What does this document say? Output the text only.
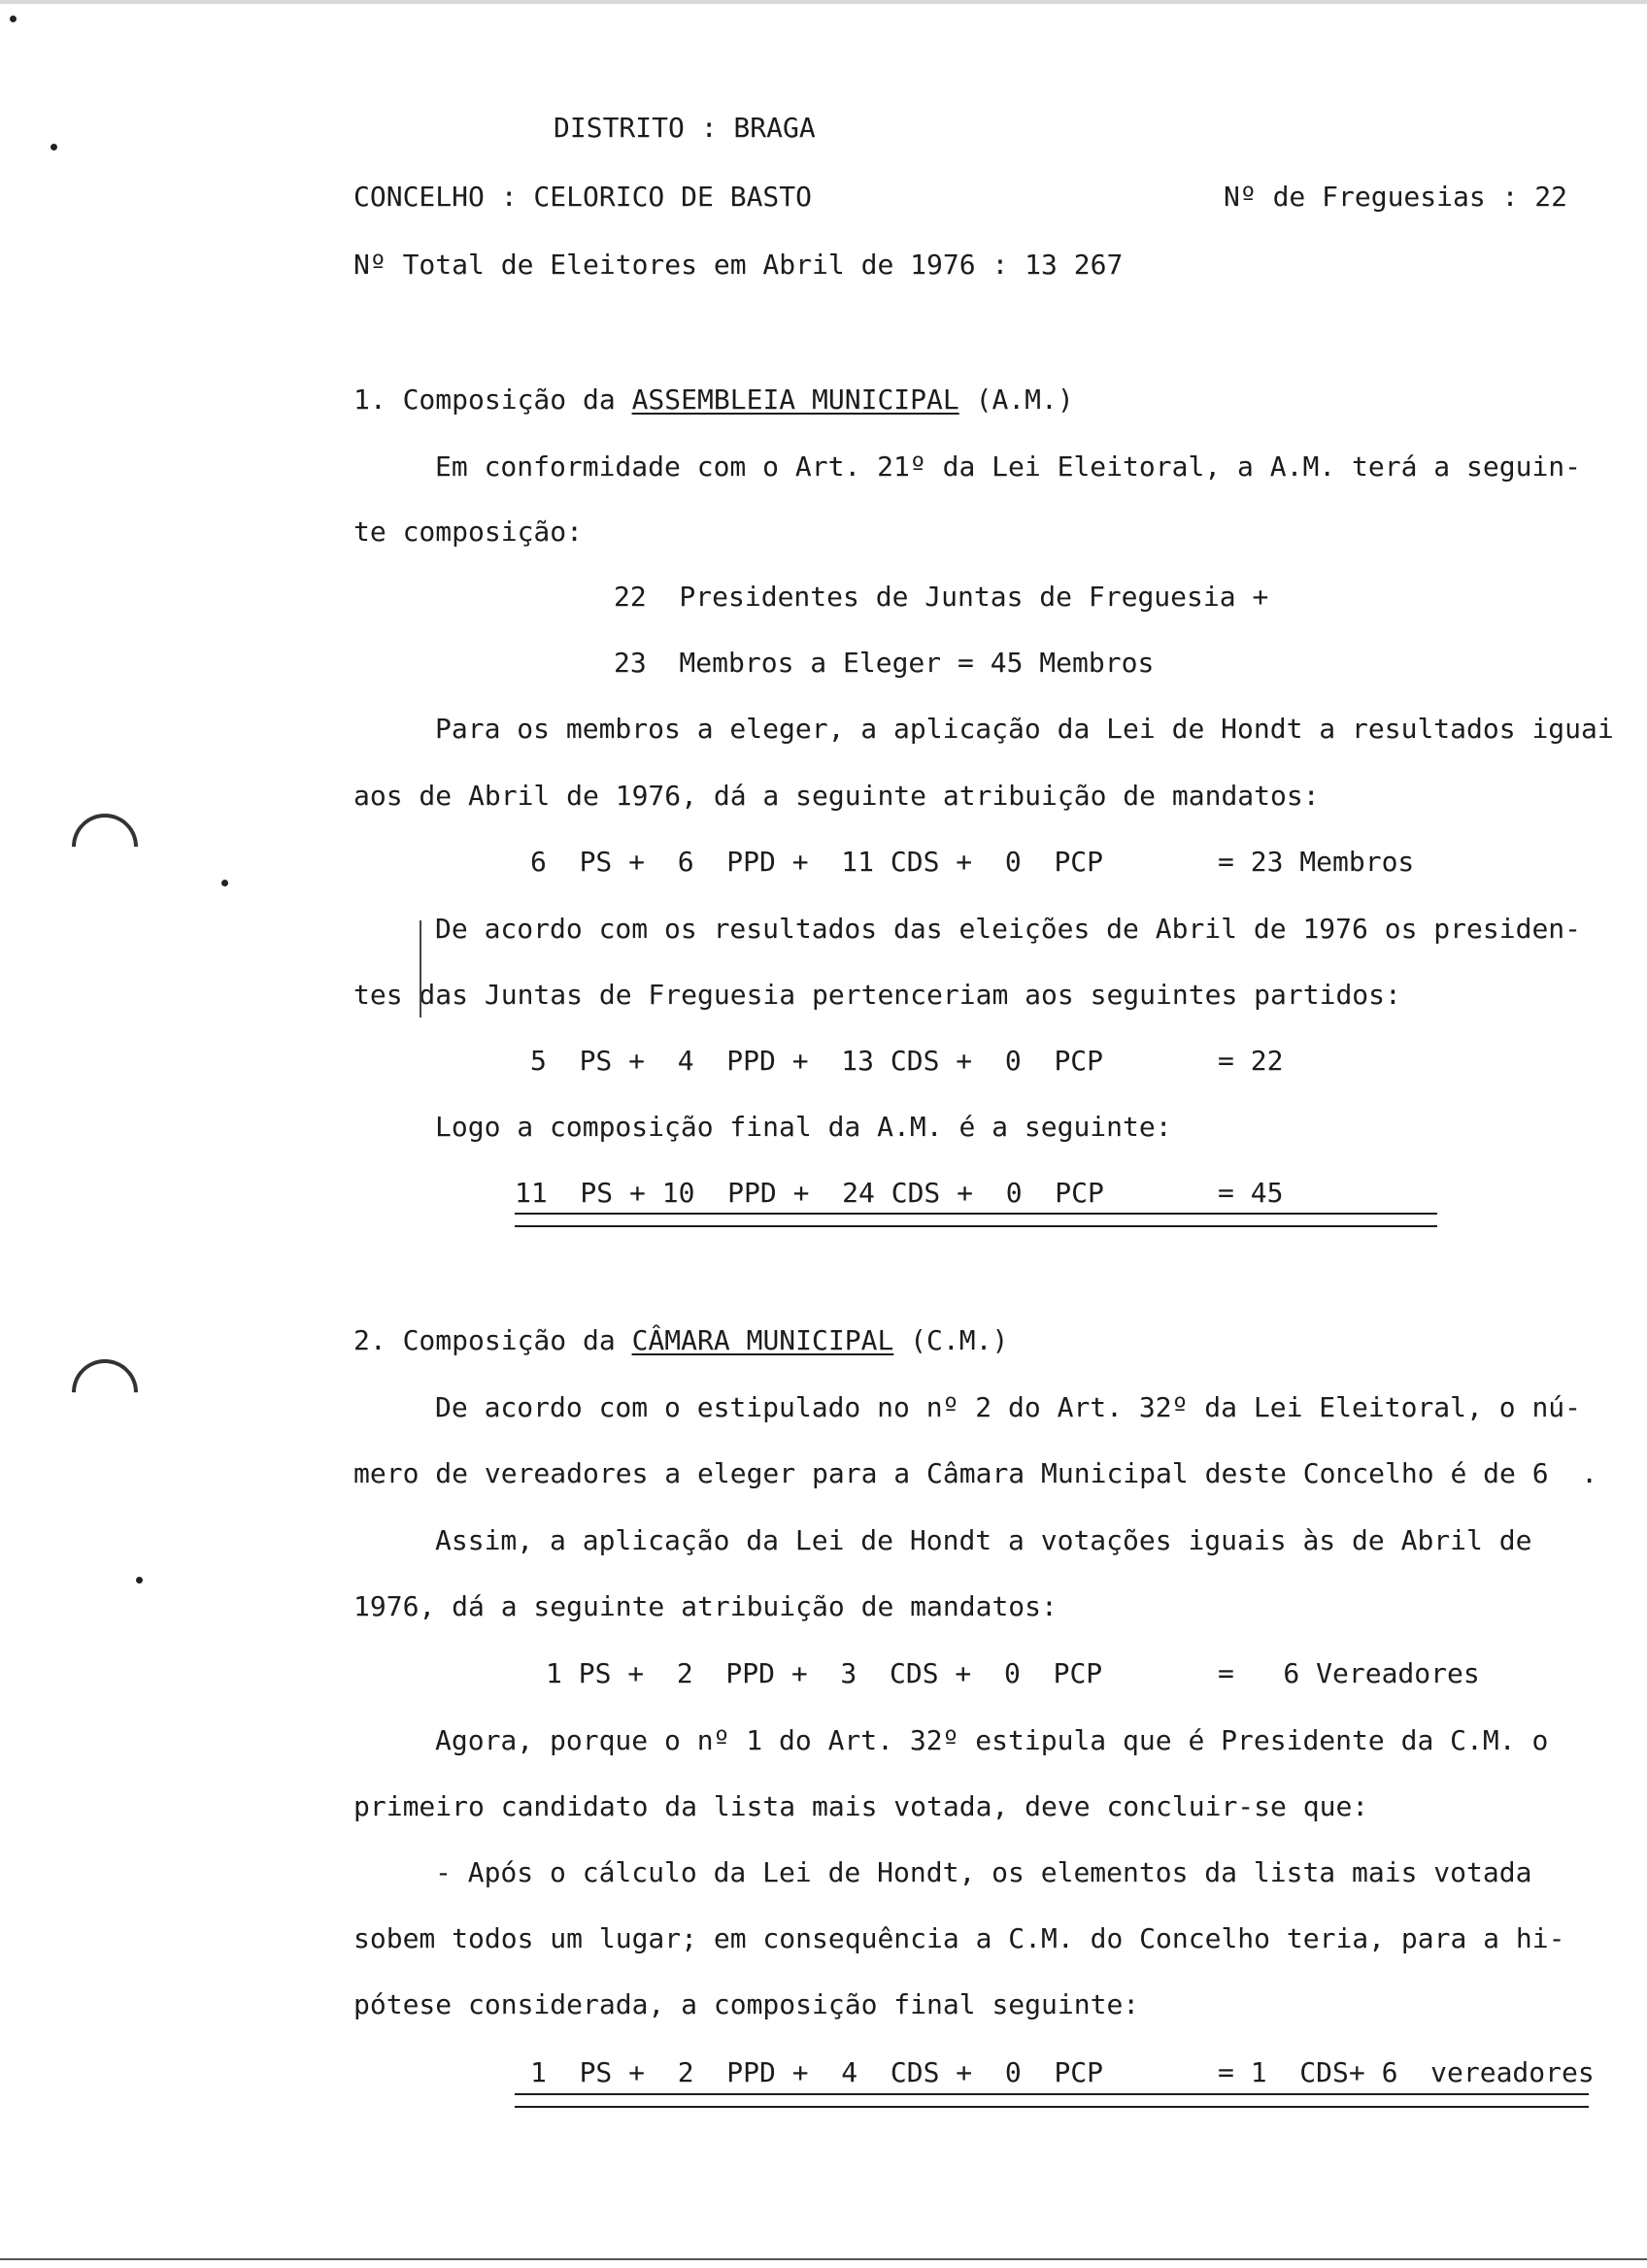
DISTRITO : BRAGA
CONCELHO : CELORICO DE BASTO	Nº de Freguesias : 22
Nº Total de Eleitores em Abril de 1976 : 13 267
1. Composição da ASSEMBLEIA MUNICIPAL (A.M.)
Em conformidade com o Art. 21º da Lei Eleitoral, a A.M. terá a seguin-
te composição:
22  Presidentes de Juntas de Freguesia +
23  Membros a Eleger = 45 Membros
Para os membros a eleger, a aplicação da Lei de Hondt a resultados iguai
aos de Abril de 1976, dá a seguinte atribuição de mandatos:
6  PS +  6  PPD +  11 CDS +  0  PCP	= 23 Membros
De acordo com os resultados das eleições de Abril de 1976 os presiden-
tes das Juntas de Freguesia pertenceriam aos seguintes partidos:
5  PS +  4  PPD +  13 CDS +  0  PCP	= 22
Logo a composição final da A.M. é a seguinte:
11  PS + 10  PPD +  24 CDS +  0  PCP	= 45
2. Composição da CÂMARA MUNICIPAL (C.M.)
De acordo com o estipulado no nº 2 do Art. 32º da Lei Eleitoral, o nú-
mero de vereadores a eleger para a Câmara Municipal deste Concelho é de 6  .
Assim, a aplicação da Lei de Hondt a votações iguais às de Abril de
1976, dá a seguinte atribuição de mandatos:
1 PS +  2  PPD +  3  CDS +  0  PCP	=   6 Vereadores
Agora, porque o nº 1 do Art. 32º estipula que é Presidente da C.M. o
primeiro candidato da lista mais votada, deve concluir-se que:
- Após o cálculo da Lei de Hondt, os elementos da lista mais votada
sobem todos um lugar; em consequência a C.M. do Concelho teria, para a hi-
pótese considerada, a composição final seguinte:
1  PS +  2  PPD +  4  CDS +  0  PCP	= 1  CDS+ 6  vereadores
